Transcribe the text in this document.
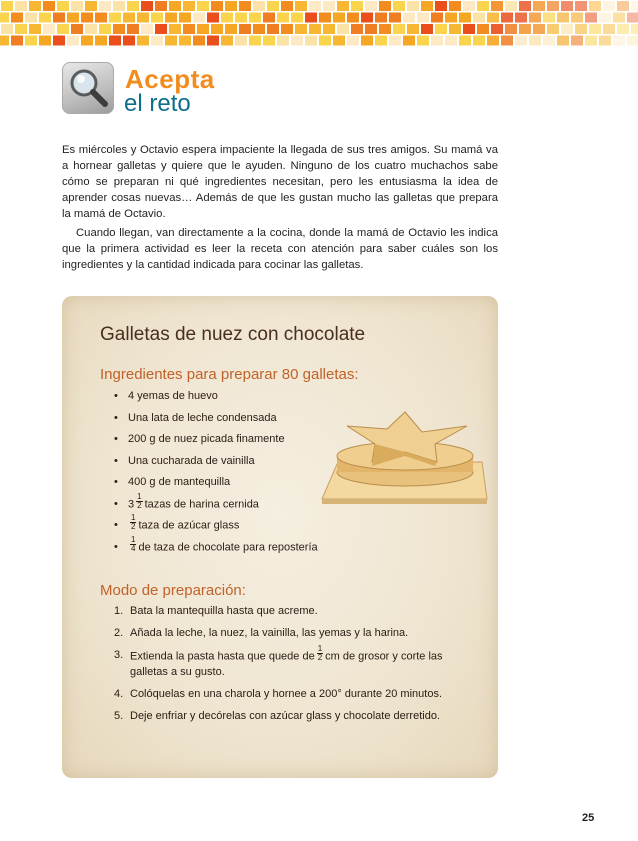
Acepta
el reto

Es miércoles y Octavio espera impaciente la llegada de sus tres amigos. Su mamá va a hornear galletas y quiere que le ayuden. Ninguno de los cuatro muchachos sabe cómo se preparan ni qué ingredientes necesitan, pero les entusiasma la idea de aprender cosas nuevas… Además de que les gustan mucho las galletas que prepara la mamá de Octavio.

Cuando llegan, van directamente a la cocina, donde la mamá de Octavio les indica que la primera actividad es leer la receta con atención para saber cuáles son los ingredientes y la cantidad indicada para cocinar las galletas.

Galletas de nuez con chocolate
Ingredientes para preparar 80 galletas:
• 4 yemas de huevo
• Una lata de leche condensada
• 200 g de nuez picada finamente
• Una cucharada de vainilla
• 400 g de mantequilla
• $3 \frac{1}{2}$ tazas de harina cernida
• $\frac{1}{2}$ taza de azúcar glass
• $\frac{1}{4}$ de taza de chocolate para repostería
Modo de preparación:
1. Bata la mantequilla hasta que acreme.
2. Añada la leche, la nuez, la vainilla, las yemas y la harina.
3. Extienda la pasta hasta que quede de $\frac{1}{2}$ cm de grosor y corte las galletas a su gusto.
4. Colóquelas en una charola y hornee a 200° durante 20 minutos.
5. Deje enfriar y decórelas con azúcar glass y chocolate derretido.
25
